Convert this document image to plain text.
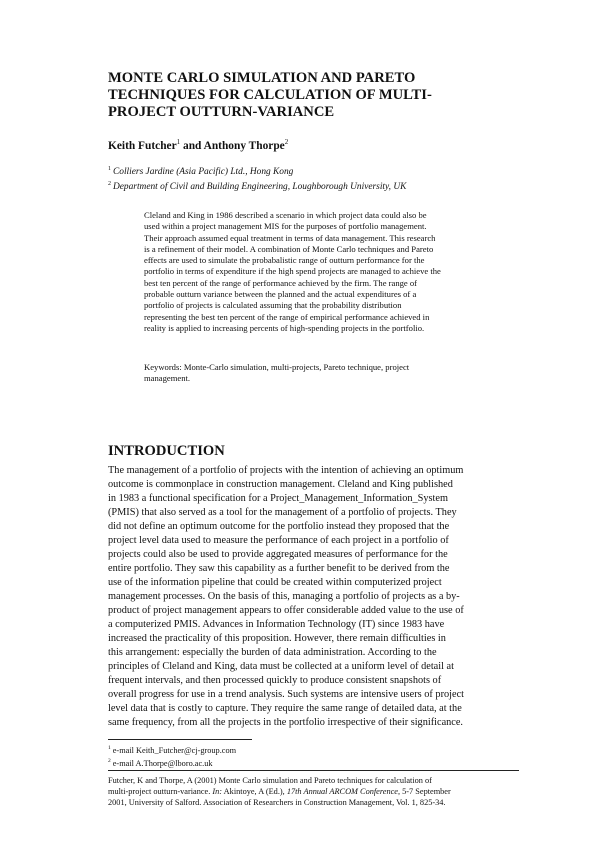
MONTE CARLO SIMULATION AND PARETO
TECHNIQUES FOR CALCULATION OF MULTI-
PROJECT OUTTURN-VARIANCE
Keith Futcher$^1$ and Anthony Thorpe$^2$
$^1$ Colliers Jardine (Asia Pacific) Ltd., Hong Kong
$^2$ Department of Civil and Building Engineering, Loughborough University, UK
Cleland and King in 1986 described a scenario in which project data could also be
used within a project management MIS for the purposes of portfolio management.
Their approach assumed equal treatment in terms of data management. This research
is a refinement of their model. A combination of Monte Carlo techniques and Pareto
effects are used to simulate the probabalistic range of outturn performance for the
portfolio in terms of expenditure if the high spend projects are managed to achieve the
best ten percent of the range of performance achieved by the firm. The range of
probable outturn variance between the planned and the actual expenditures of a
portfolio of projects is calculated assuming that the probability distribution
representing the best ten percent of the range of empirical performance achieved in
reality is applied to increasing percents of high-spending projects in the portfolio.
Keywords: Monte-Carlo simulation, multi-projects, Pareto technique, project
management.
INTRODUCTION
The management of a portfolio of projects with the intention of achieving an optimum
outcome is commonplace in construction management. Cleland and King published
in 1983 a functional specification for a Project_Management_Information_System
(PMIS) that also served as a tool for the management of a portfolio of projects. They
did not define an optimum outcome for the portfolio instead they proposed that the
project level data used to measure the performance of each project in a portfolio of
projects could also be used to provide aggregated measures of performance for the
entire portfolio. They saw this capability as a further benefit to be derived from the
use of the information pipeline that could be created within computerized project
management processes. On the basis of this, managing a portfolio of projects as a by-
product of project management appears to offer considerable added value to the use of
a computerized PMIS. Advances in Information Technology (IT) since 1983 have
increased the practicality of this proposition. However, there remain difficulties in
this arrangement: especially the burden of data administration. According to the
principles of Cleland and King, data must be collected at a uniform level of detail at
frequent intervals, and then processed quickly to produce consistent snapshots of
overall progress for use in a trend analysis. Such systems are intensive users of project
level data that is costly to capture. They require the same range of detailed data, at the
same frequency, from all the projects in the portfolio irrespective of their significance.
$^1$ e-mail Keith_Futcher@cj-group.com
$^2$ e-mail A.Thorpe@lboro.ac.uk
Futcher, K and Thorpe, A (2001) Monte Carlo simulation and Pareto techniques for calculation of
multi-project outturn-variance. In: Akintoye, A (Ed.), 17th Annual ARCOM Conference, 5-7 September
2001, University of Salford. Association of Researchers in Construction Management, Vol. 1, 825-34.
